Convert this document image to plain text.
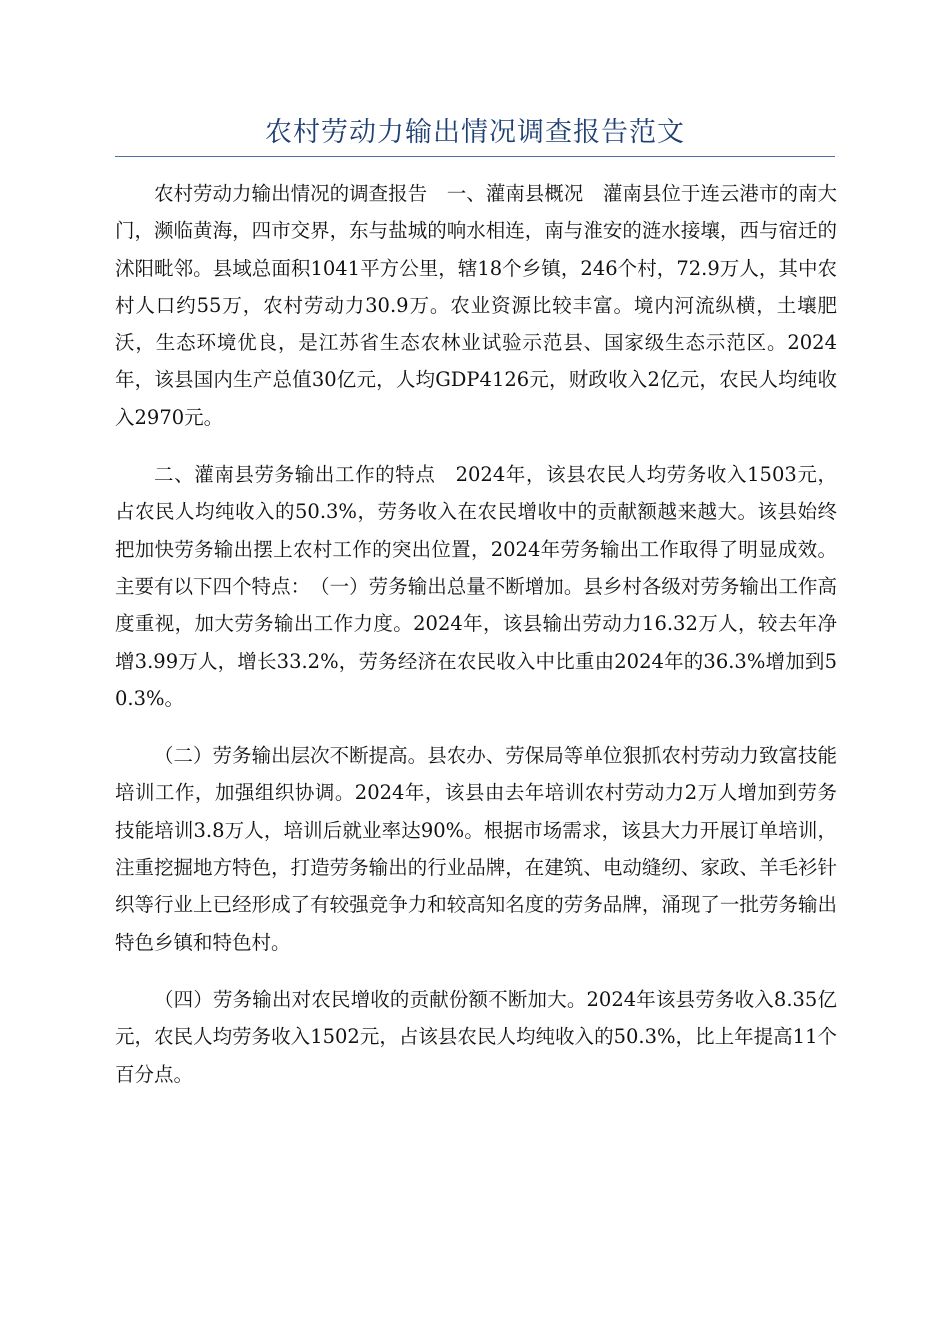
农村劳动力输出情况调查报告范文

农村劳动力输出情况的调查报告　一、灌南县概况　灌南县位于连云港市的南大门，濒临黄海，四市交界，东与盐城的响水相连，南与淮安的涟水接壤，西与宿迁的沭阳毗邻。县域总面积1041平方公里，辖18个乡镇，246个村，72.9万人，其中农村人口约55万，农村劳动力30.9万。农业资源比较丰富。境内河流纵横，土壤肥沃，生态环境优良，是江苏省生态农林业试验示范县、国家级生态示范区。2024年，该县国内生产总值30亿元，人均GDP4126元，财政收入2亿元，农民人均纯收入2970元。

二、灌南县劳务输出工作的特点　2024年，该县农民人均劳务收入1503元，占农民人均纯收入的50.3%，劳务收入在农民增收中的贡献额越来越大。该县始终把加快劳务输出摆上农村工作的突出位置，2024年劳务输出工作取得了明显成效。主要有以下四个特点：　（一）劳务输出总量不断增加。县乡村各级对劳务输出工作高度重视，加大劳务输出工作力度。2024年，该县输出劳动力16.32万人，较去年净增3.99万人，增长33.2%，劳务经济在农民收入中比重由2024年的36.3%增加到50.3%。

（二）劳务输出层次不断提高。县农办、劳保局等单位狠抓农村劳动力致富技能培训工作，加强组织协调。2024年，该县由去年培训农村劳动力2万人增加到劳务技能培训3.8万人，培训后就业率达90%。根据市场需求，该县大力开展订单培训，注重挖掘地方特色，打造劳务输出的行业品牌，在建筑、电动缝纫、家政、羊毛衫针织等行业上已经形成了有较强竞争力和较高知名度的劳务品牌，涌现了一批劳务输出特色乡镇和特色村。

（四）劳务输出对农民增收的贡献份额不断加大。2024年该县劳务收入8.35亿元，农民人均劳务收入1502元，占该县农民人均纯收入的50.3%，比上年提高11个百分点。
